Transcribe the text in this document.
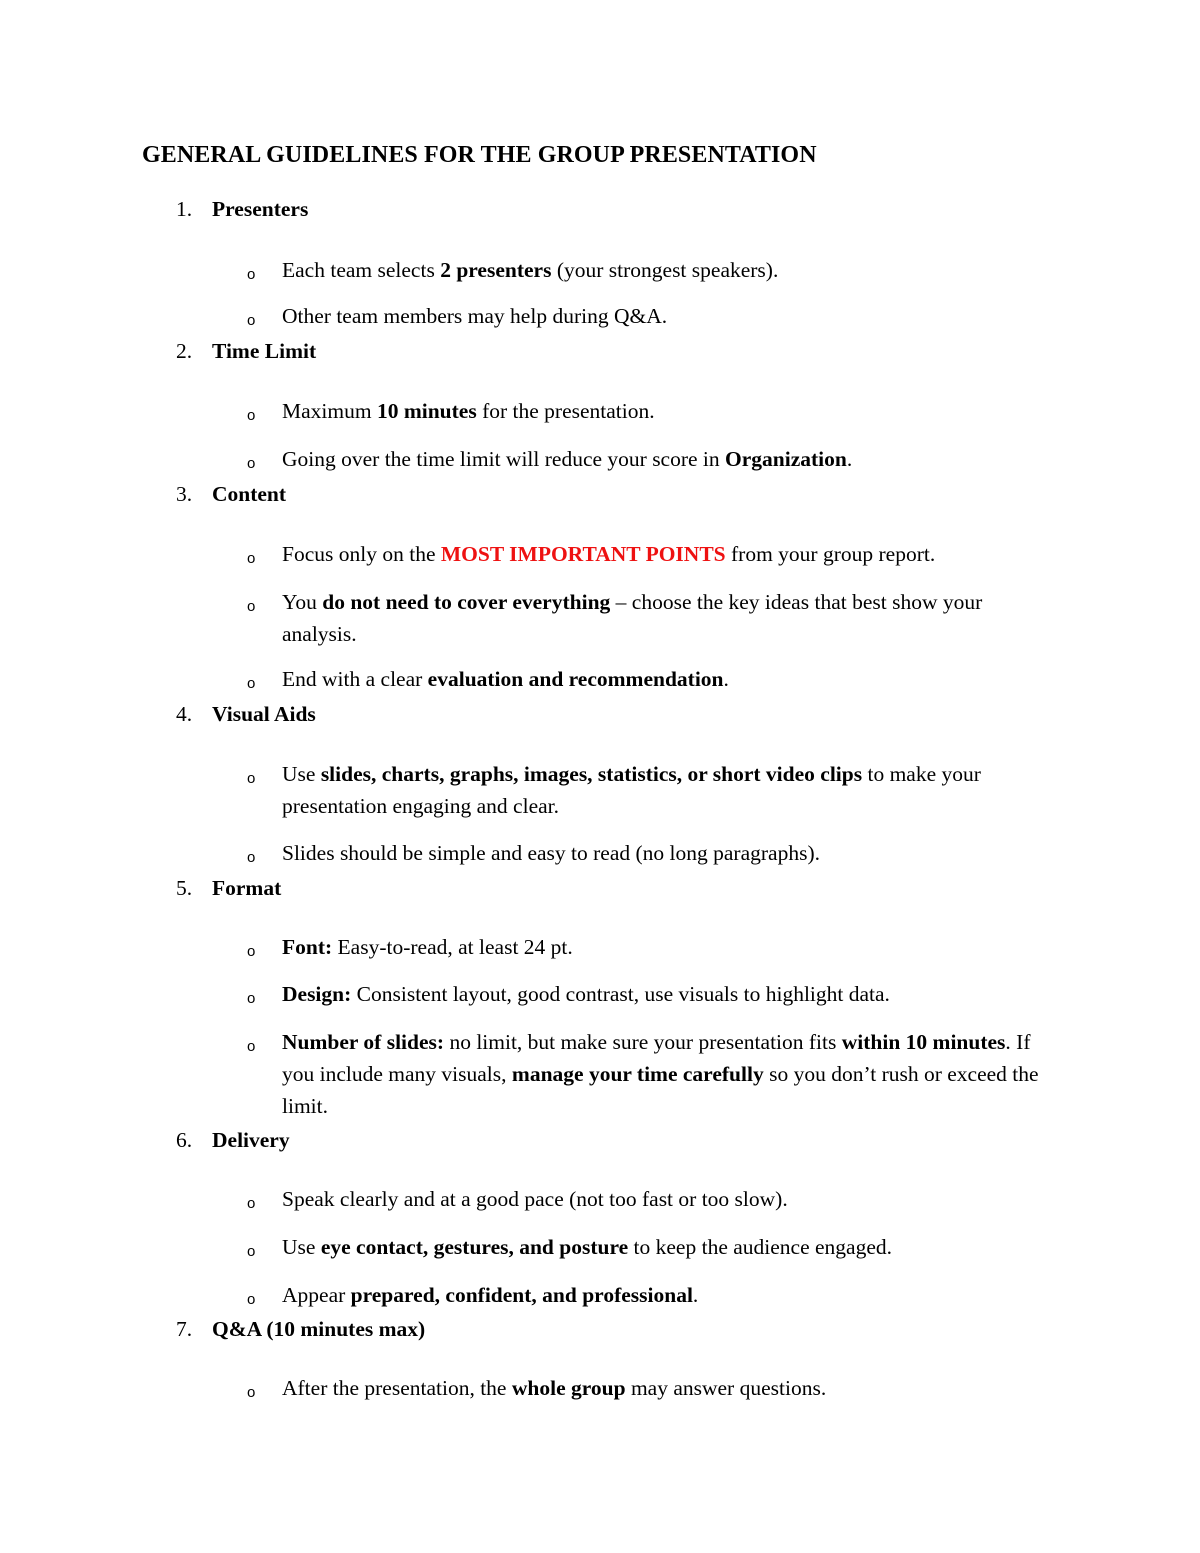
GENERAL GUIDELINES FOR THE GROUP PRESENTATION
1. Presenters
o Each team selects 2 presenters (your strongest speakers).
o Other team members may help during Q&A.
2. Time Limit
o Maximum 10 minutes for the presentation.
o Going over the time limit will reduce your score in Organization.
3. Content
o Focus only on the MOST IMPORTANT POINTS from your group report.
o You do not need to cover everything – choose the key ideas that best show your analysis.
o End with a clear evaluation and recommendation.
4. Visual Aids
o Use slides, charts, graphs, images, statistics, or short video clips to make your presentation engaging and clear.
o Slides should be simple and easy to read (no long paragraphs).
5. Format
o Font: Easy-to-read, at least 24 pt.
o Design: Consistent layout, good contrast, use visuals to highlight data.
o Number of slides: no limit, but make sure your presentation fits within 10 minutes. If you include many visuals, manage your time carefully so you don’t rush or exceed the limit.
6. Delivery
o Speak clearly and at a good pace (not too fast or too slow).
o Use eye contact, gestures, and posture to keep the audience engaged.
o Appear prepared, confident, and professional.
7. Q&A (10 minutes max)
o After the presentation, the whole group may answer questions.
